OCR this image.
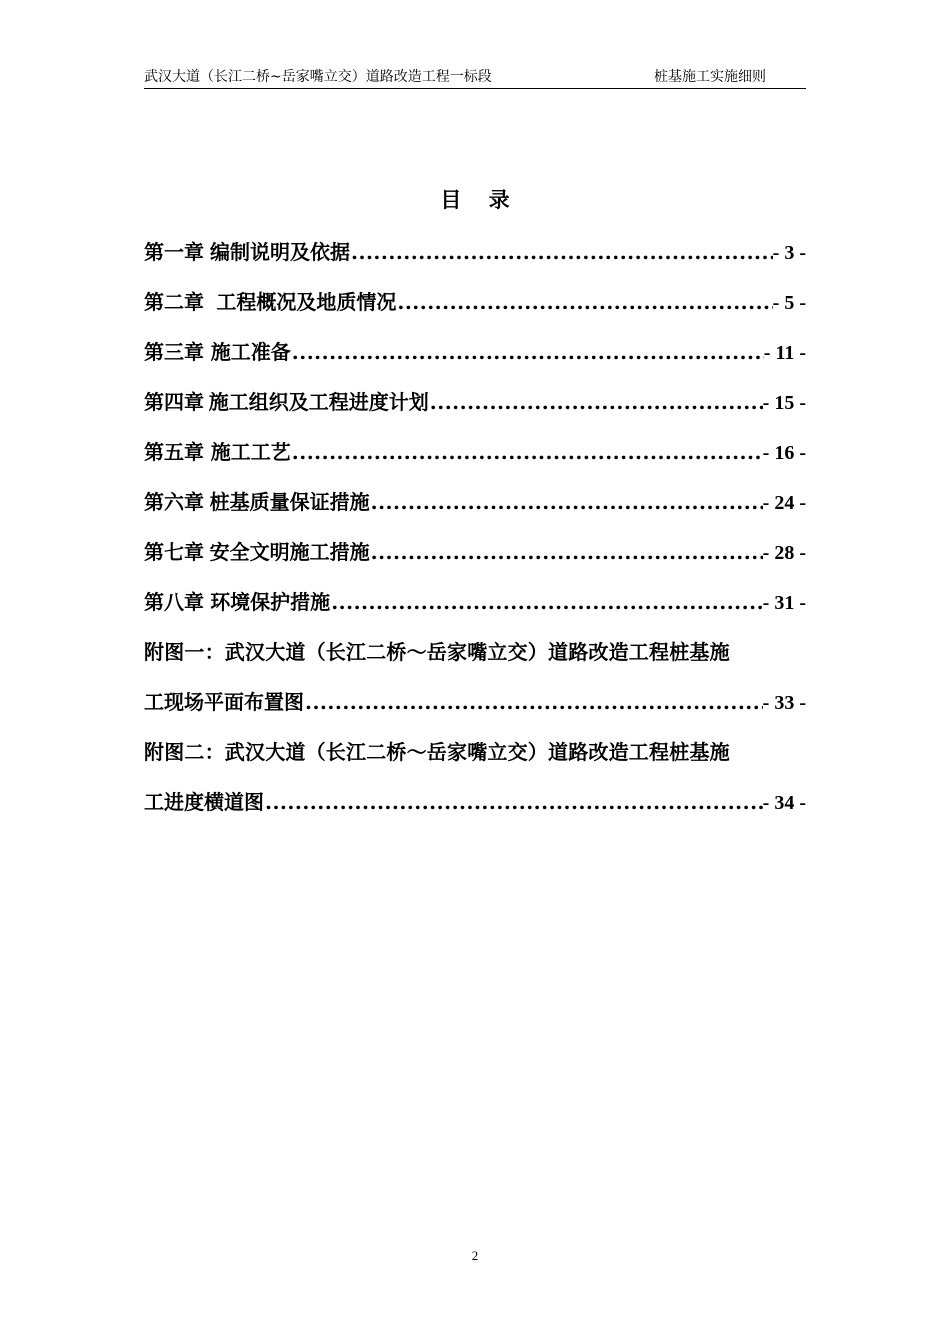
武汉大道（长江二桥~岳家嘴立交）道路改造工程一标段	桩基施工实施细则
目 录
第一章 编制说明及依据 .....	- 3 -
第二章 工程概况及地质情况 .....	- 5 -
第三章 施工准备 .....	- 11 -
第四章 施工组织及工程进度计划 .....	- 15 -
第五章 施工工艺 .....	- 16 -
第六章 桩基质量保证措施 .....	- 24 -
第七章 安全文明施工措施 .....	- 28 -
第八章 环境保护措施 .....	- 31 -
附图一：武汉大道（长江二桥～岳家嘴立交）道路改造工程桩基施
工现场平面布置图 .....	- 33 -
附图二：武汉大道（长江二桥～岳家嘴立交）道路改造工程桩基施
工进度横道图 .....	- 34 -
2
